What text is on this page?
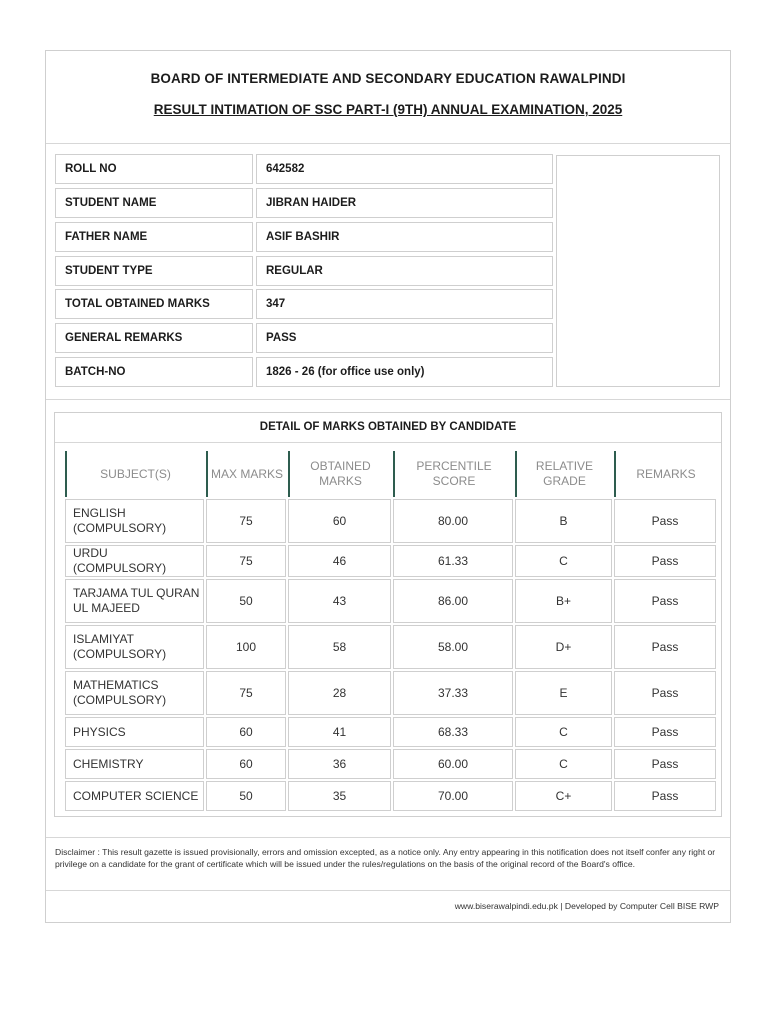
BOARD OF INTERMEDIATE AND SECONDARY EDUCATION RAWALPINDI
RESULT INTIMATION OF SSC PART-I (9TH) ANNUAL EXAMINATION, 2025
ROLL NO	642582
STUDENT NAME	JIBRAN HAIDER
FATHER NAME	ASIF BASHIR
STUDENT TYPE	REGULAR
TOTAL OBTAINED MARKS	347
GENERAL REMARKS	PASS
BATCH-NO	1826 - 26 (for office use only)
DETAIL OF MARKS OBTAINED BY CANDIDATE
SUBJECT(S)	MAX MARKS	OBTAINED MARKS	PERCENTILE SCORE	RELATIVE GRADE	REMARKS
ENGLISH (COMPULSORY)	75	60	80.00	B	Pass
URDU (COMPULSORY)	75	46	61.33	C	Pass
TARJAMA TUL QURAN UL MAJEED	50	43	86.00	B+	Pass
ISLAMIYAT (COMPULSORY)	100	58	58.00	D+	Pass
MATHEMATICS (COMPULSORY)	75	28	37.33	E	Pass
PHYSICS	60	41	68.33	C	Pass
CHEMISTRY	60	36	60.00	C	Pass
COMPUTER SCIENCE	50	35	70.00	C+	Pass
Disclaimer : This result gazette is issued provisionally, errors and omission excepted, as a notice only. Any entry appearing in this notification does not itself confer any right or privilege on a candidate for the grant of certificate which will be issued under the rules/regulations on the basis of the original record of the Board's office.
www.biserawalpindi.edu.pk | Developed by Computer Cell BISE RWP
